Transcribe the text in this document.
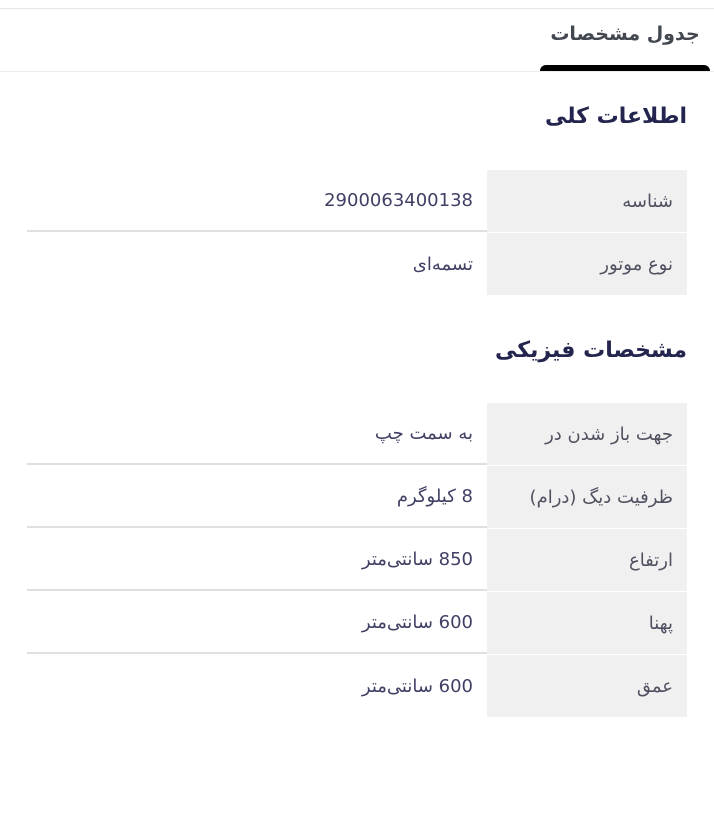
جدول مشخصات
اطلاعات کلی
شناسه
2900063400138
نوع موتور
تسمه‌ای
مشخصات فیزیکی
جهت باز شدن در
به سمت چپ
ظرفیت دیگ (درام)
8 کیلوگرم
ارتفاع
850 سانتی‌متر
پهنا
600 سانتی‌متر
عمق
600 سانتی‌متر
